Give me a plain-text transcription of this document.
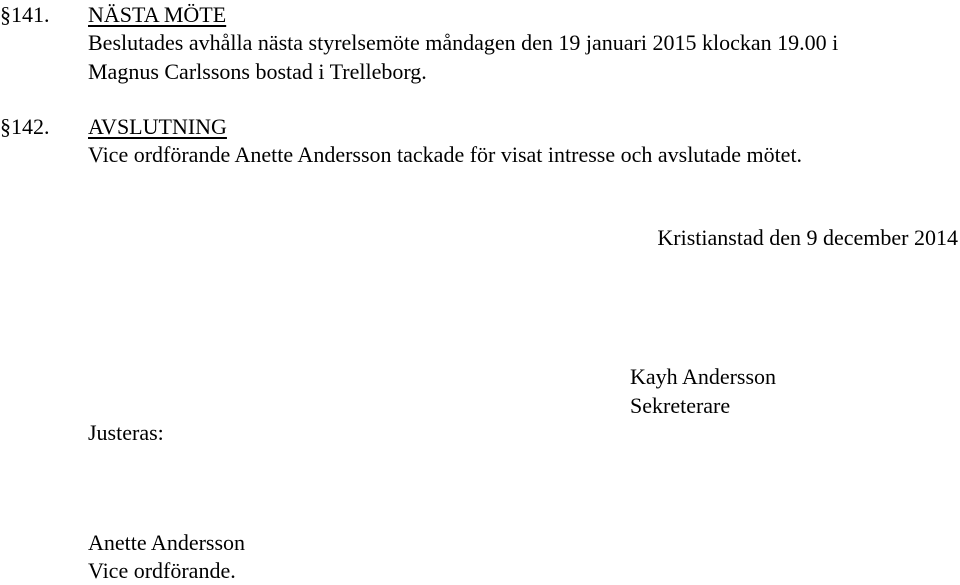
§141. NÄSTA MÖTE
Beslutades avhålla nästa styrelsemöte måndagen den 19 januari 2015 klockan 19.00 i
Magnus Carlssons bostad i Trelleborg.
§142. AVSLUTNING
Vice ordförande Anette Andersson tackade för visat intresse och avslutade mötet.
Kristianstad den 9 december 2014
Kayh Andersson
Sekreterare
Justeras:
Anette Andersson
Vice ordförande.
